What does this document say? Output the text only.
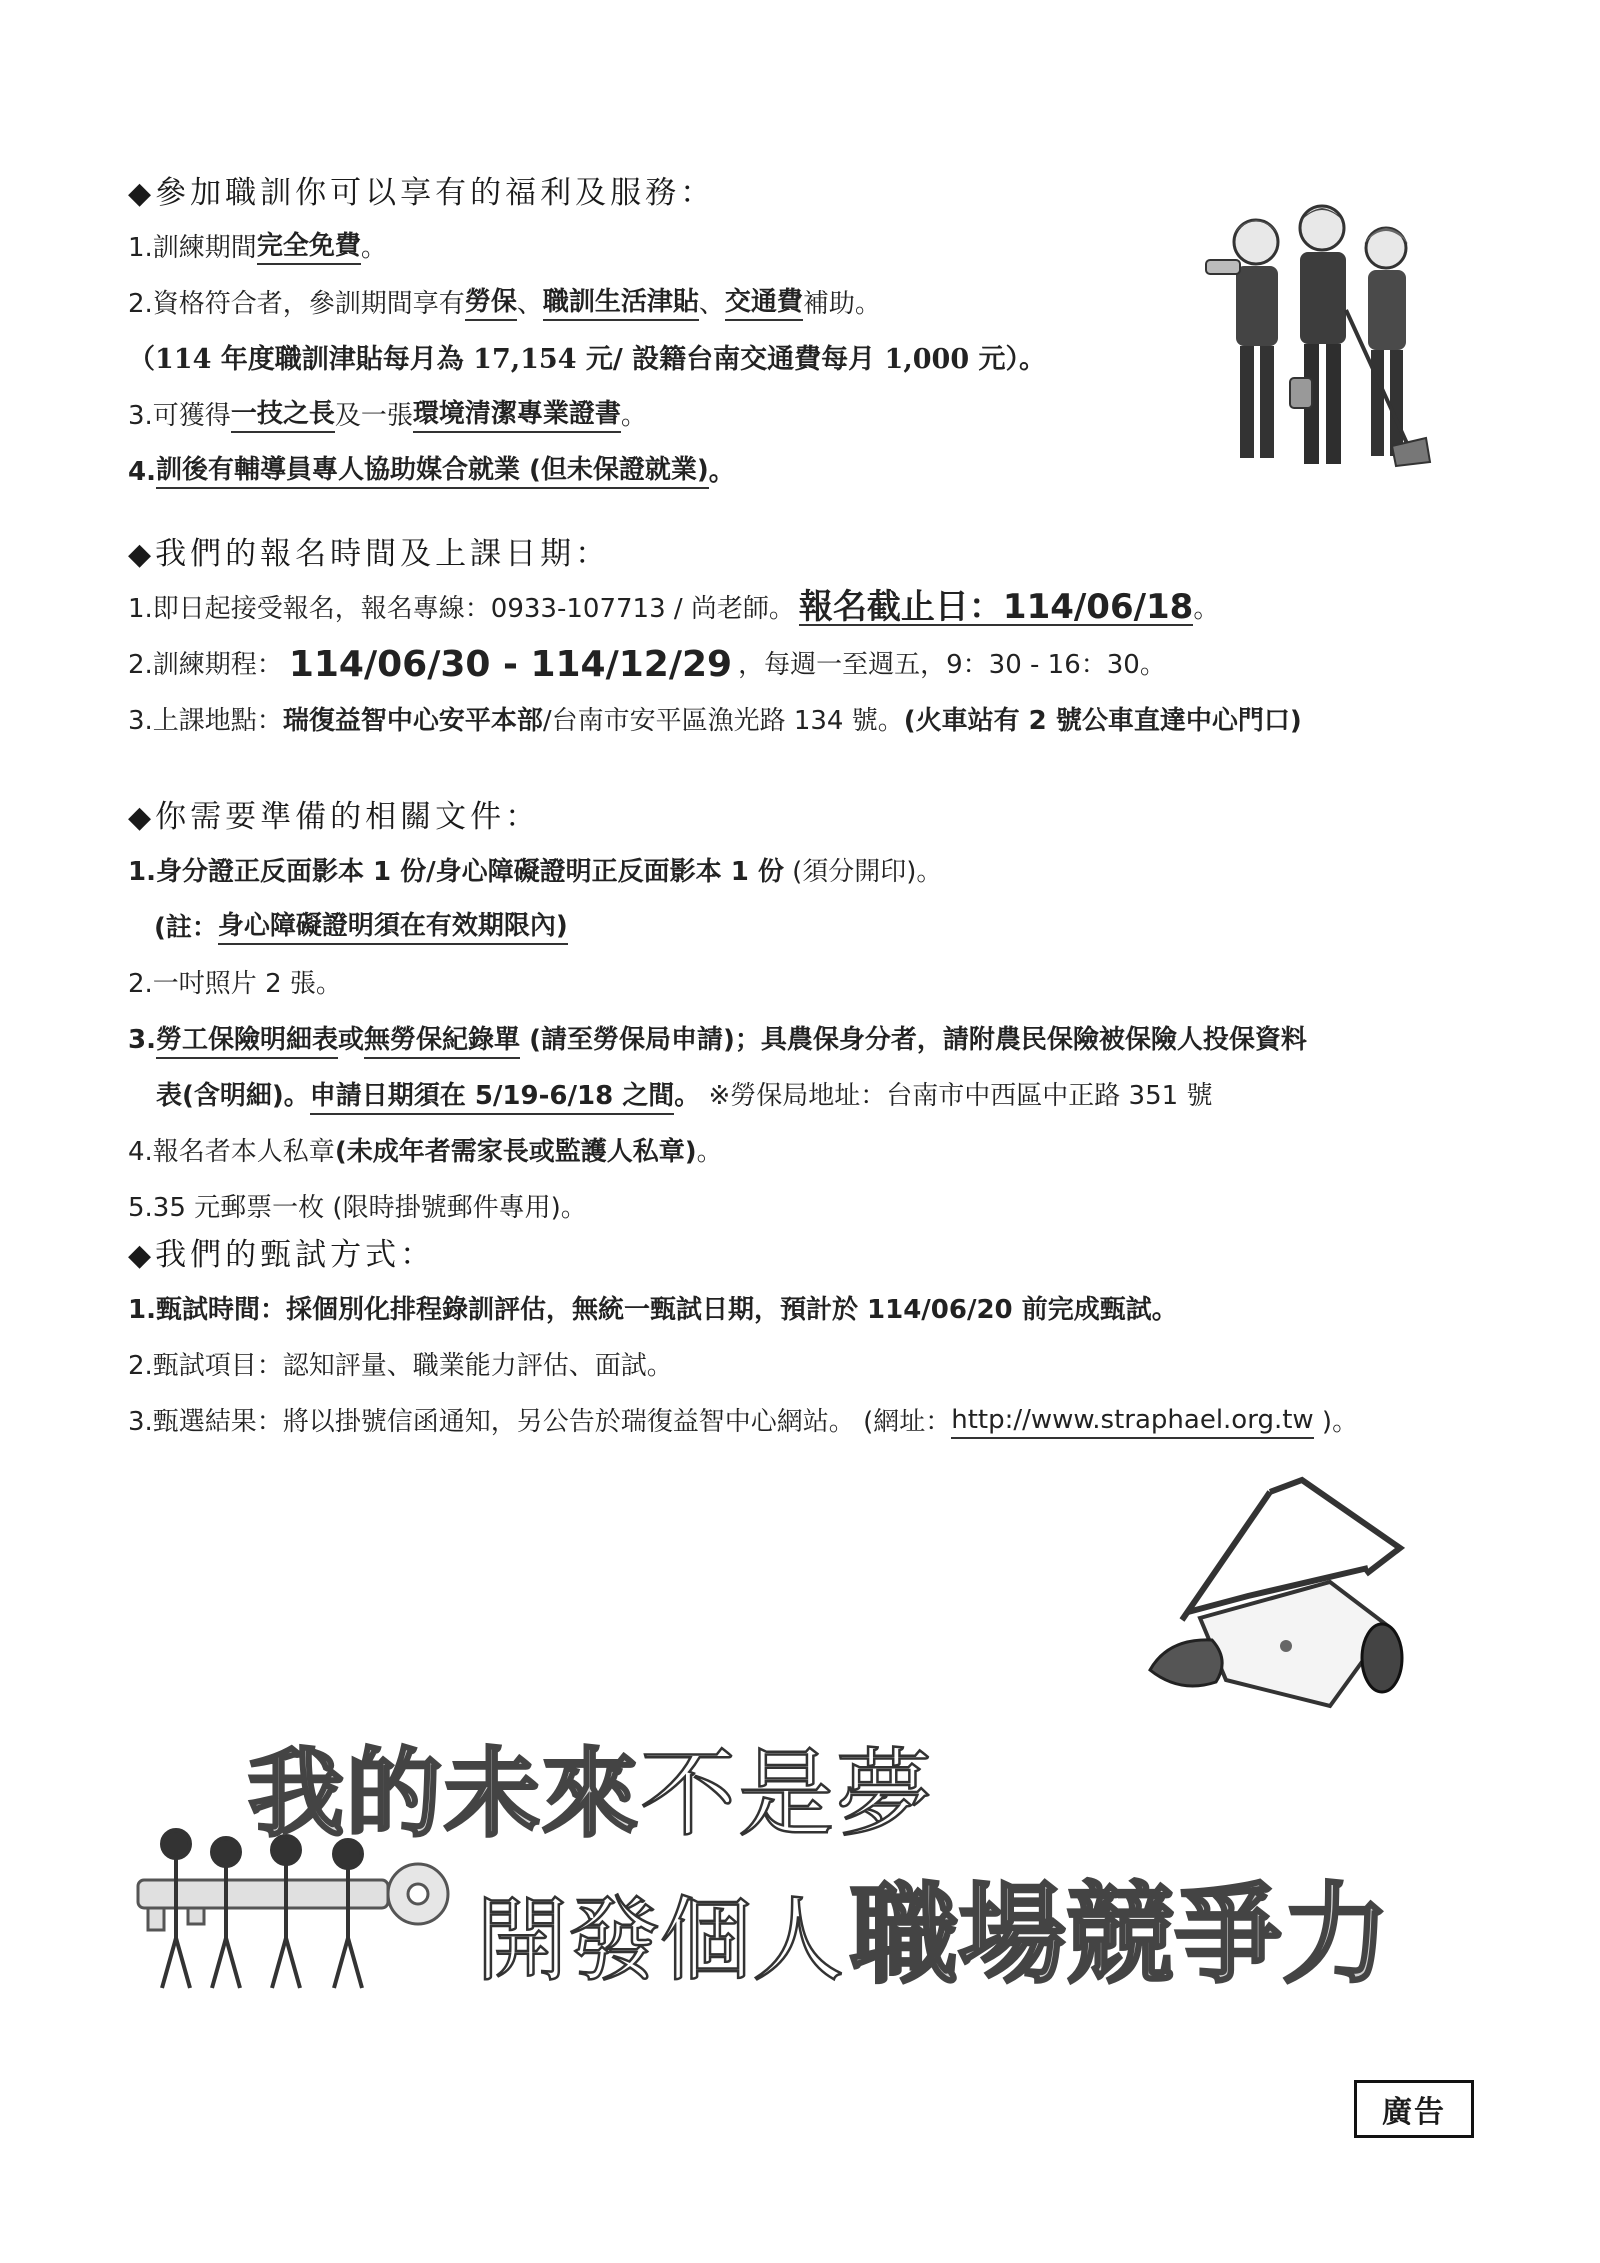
◆ 參加職訓你可以享有的福利及服務：
1.訓練期間 完全免費 。
2.資格符合者，參訓期間享有 勞保 、 職訓生活津貼 、 交通費 補助。
（114 年度職訓津貼每月為 17,154 元/ 設籍台南交通費每月 1,000 元）。
3.可獲得 一技之長 及一張 環境清潔專業證書 。
4. 訓後有輔導員專人協助媒合就業 (但未保證就業) 。
◆ 我們的報名時間及上課日期：
1.即日起接受報名，報名專線：0933-107713 / 尚老師。 報名截止日：114/06/18 。
2.訓練期程： 114/06/30 - 114/12/29 ，每週一至週五，9：30 - 16：30。
3.上課地點： 瑞復益智中心安平本部 /台南市安平區漁光路 134 號。 (火車站有 2 號公車直達中心門口)
◆ 你需要準備的相關文件：
1.身分證正反面影本 1 份/身心障礙證明正反面影本 1 份 (須分開印)。
(註： 身心障礙證明須在有效期限內)
2.一吋照片 2 張。
3.勞工保險明細表或無勞保紀錄單 (請至勞保局申請)；具農保身分者，請附農民保險被保險人投保資料
表(含明細)。申請日期須在 5/19-6/18 之間。 ※勞保局地址：台南市中西區中正路 351 號
4.報名者本人私章 (未成年者需家長或監護人私章) 。
5.35 元郵票一枚 (限時掛號郵件專用)。
◆ 我們的甄試方式：
1.甄試時間：採個別化排程錄訓評估，無統一甄試日期，預計於 114/06/20 前完成甄試。
2.甄試項目：認知評量、職業能力評估、面試。
3.甄選結果：將以掛號信函通知，另公告於瑞復益智中心網站。 (網址： http://www.straphael.org.tw )。
我的未來不是夢
開發個人職場競爭力
廣告
